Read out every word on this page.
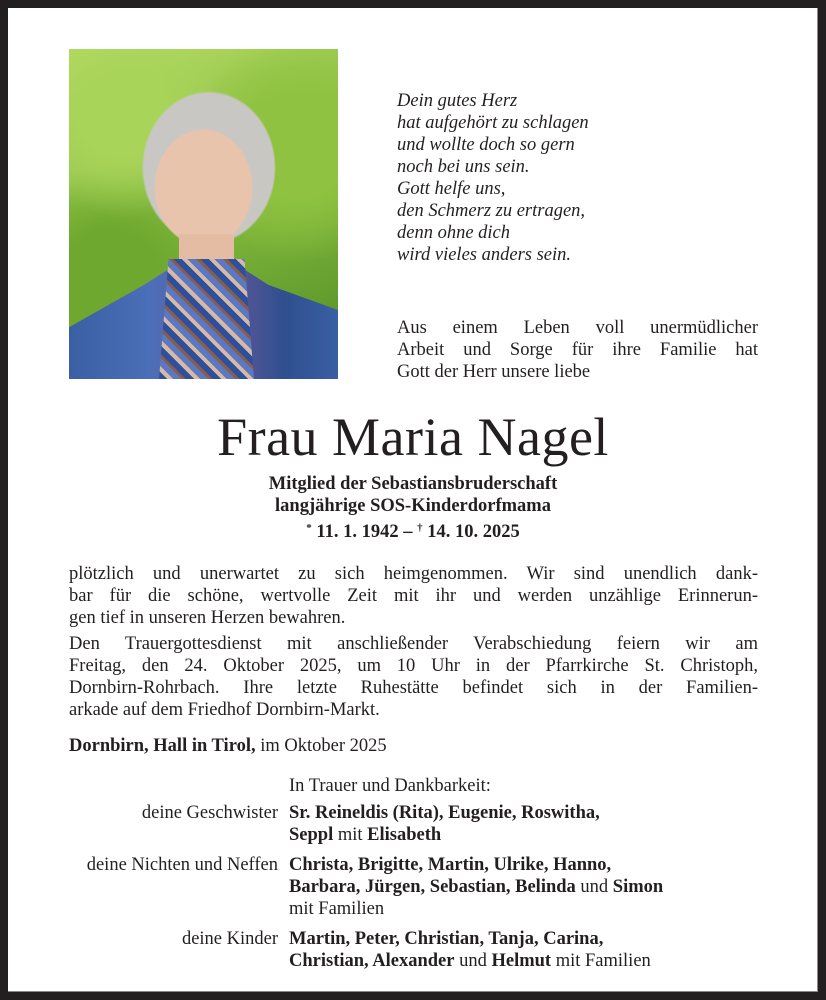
Dein gutes Herz
hat aufgehört zu schlagen
und wollte doch so gern
noch bei uns sein.
Gott helfe uns,
den Schmerz zu ertragen,
denn ohne dich
wird vieles anders sein.
Aus einem Leben voll unermüdlicher
Arbeit und Sorge für ihre Familie hat
Gott der Herr unsere liebe
Frau Maria Nagel
Mitglied der Sebastiansbruderschaft
langjährige SOS-Kinderdorfmama
* 11. 1. 1942 – † 14. 10. 2025

plötzlich und unerwartet zu sich heimgenommen. Wir sind unendlich dank-
bar für die schöne, wertvolle Zeit mit ihr und werden unzählige Erinnerun-
gen tief in unseren Herzen bewahren.

Den Trauergottesdienst mit anschließender Verabschiedung feiern wir am
Freitag, den 24. Oktober 2025, um 10 Uhr in der Pfarrkirche St. Christoph,
Dornbirn-Rohrbach. Ihre letzte Ruhestätte befindet sich in der Familien-
arkade auf dem Friedhof Dornbirn-Markt.

Dornbirn, Hall in Tirol, im Oktober 2025
In Trauer und Dankbarkeit:
deine Geschwister Sr. Reineldis (Rita), Eugenie, Roswitha,
Seppl mit Elisabeth
deine Nichten und Neffen Christa, Brigitte, Martin, Ulrike, Hanno,
Barbara, Jürgen, Sebastian, Belinda und Simon
mit Familien
deine Kinder Martin, Peter, Christian, Tanja, Carina,
Christian, Alexander und Helmut mit Familien
